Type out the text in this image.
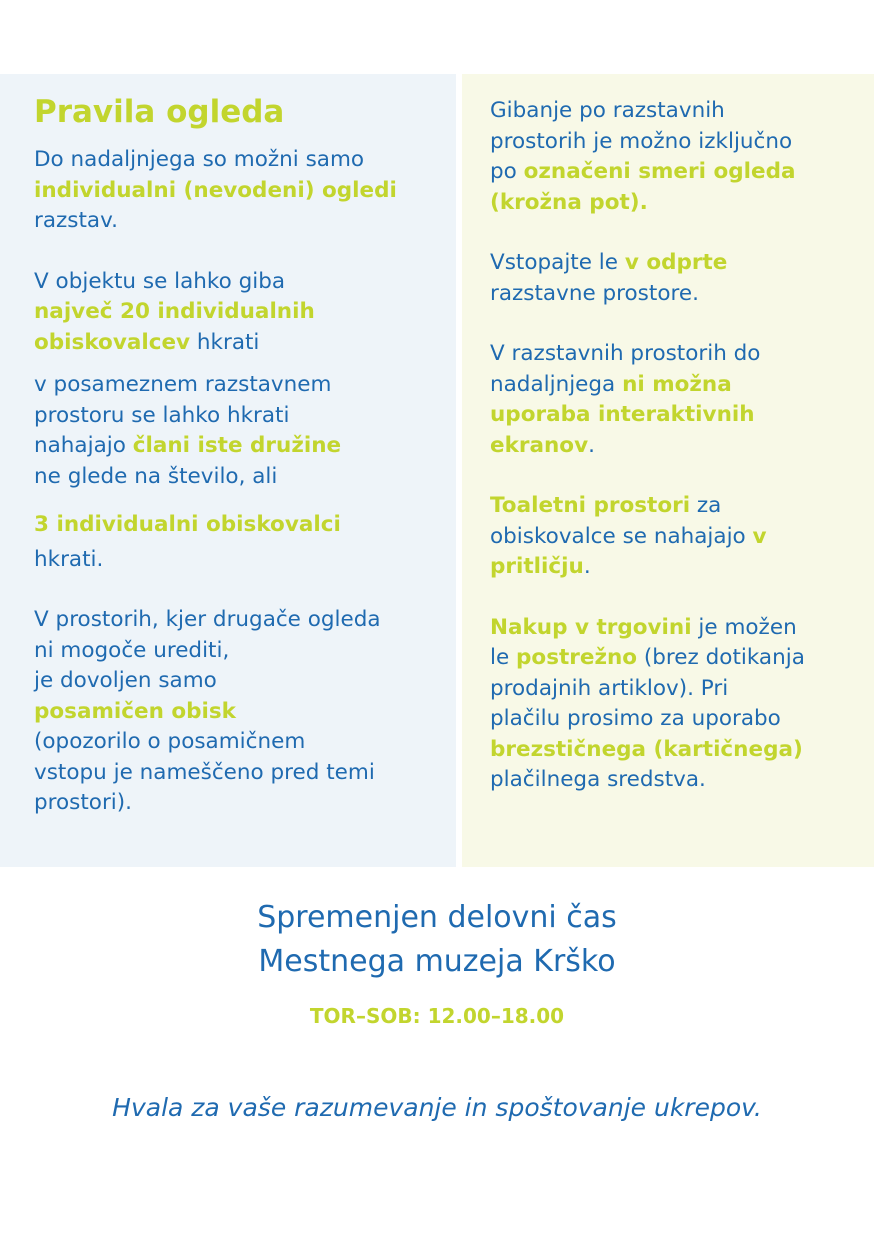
Pravila ogleda

Do nadaljnjega so možni samo
individualni (nevodeni) ogledi
razstav.

V objektu se lahko giba
največ 20 individualnih
obiskovalcev hkrati

v posameznem razstavnem
prostoru se lahko hkrati
nahajajo člani iste družine
ne glede na število, ali

3 individualni obiskovalci
hkrati.

V prostorih, kjer drugače ogleda
ni mogoče urediti,
je dovoljen samo
posamičen obisk
(opozorilo o posamičnem
vstopu je nameščeno pred temi
prostori).

Gibanje po razstavnih
prostorih je možno izključno
po označeni smeri ogleda
(krožna pot).

Vstopajte le v odprte
razstavne prostore.

V razstavnih prostorih do
nadaljnjega ni možna
uporaba interaktivnih
ekranov.

Toaletni prostori za
obiskovalce se nahajajo v
pritličju.

Nakup v trgovini je možen
le postrežno (brez dotikanja
prodajnih artiklov). Pri
plačilu prosimo za uporabo
brezstičnega (kartičnega)
plačilnega sredstva.

Spremenjen delovni čas
Mestnega muzeja Krško
TOR–SOB: 12.00–18.00
Hvala za vaše razumevanje in spoštovanje ukrepov.
